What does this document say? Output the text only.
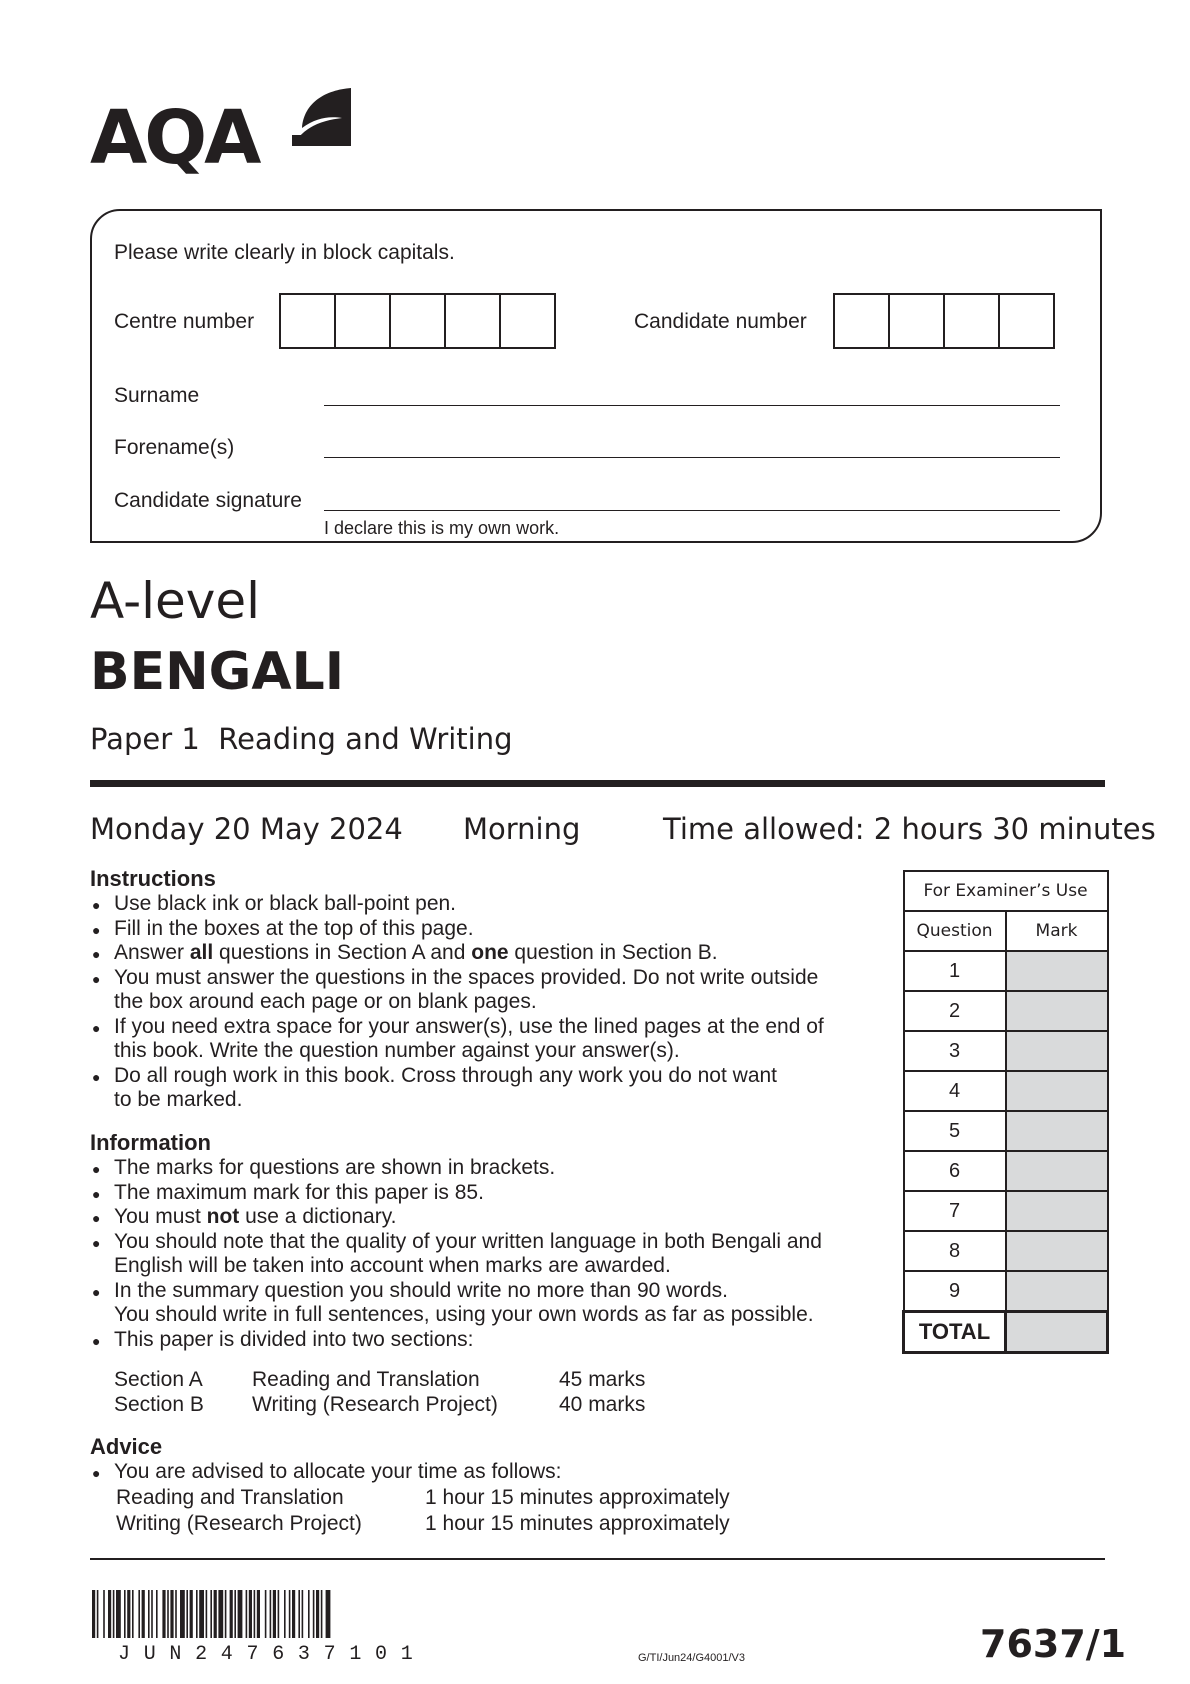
AQA
Please write clearly in block capitals.
Centre number	Candidate number
Surname
Forename(s)
Candidate signature
I declare this is my own work.
A-level
BENGALI
Paper 1  Reading and Writing
Monday 20 May 2024 Morning	Time allowed: 2 hours 30 minutes
Instructions
● Use black ink or black ball-point pen.
● Fill in the boxes at the top of this page.
● Answer all questions in Section A and one question in Section B.
● You must answer the questions in the spaces provided. Do not write outside
the box around each page or on blank pages.
● If you need extra space for your answer(s), use the lined pages at the end of
this book. Write the question number against your answer(s).
● Do all rough work in this book. Cross through any work you do not want
to be marked.
Information
● The marks for questions are shown in brackets.
● The maximum mark for this paper is 85.
● You must not use a dictionary.
● You should note that the quality of your written language in both Bengali and
English will be taken into account when marks are awarded.
● In the summary question you should write no more than 90 words.
You should write in full sentences, using your own words as far as possible.
● This paper is divided into two sections:
Section A Reading and Translation	45 marks
Section B Writing (Research Project)	40 marks
Advice
● You are advised to allocate your time as follows:
Reading and Translation	1 hour 15 minutes approximately
Writing (Research Project)	1 hour 15 minutes approximately
For Examiner’s Use	
Question	Mark
1	
2	
3	
4	
5	
6	
7	
8	
9	
TOTAL	
JUN247637101	G/TI/Jun24/G4001/V3	7637/1
